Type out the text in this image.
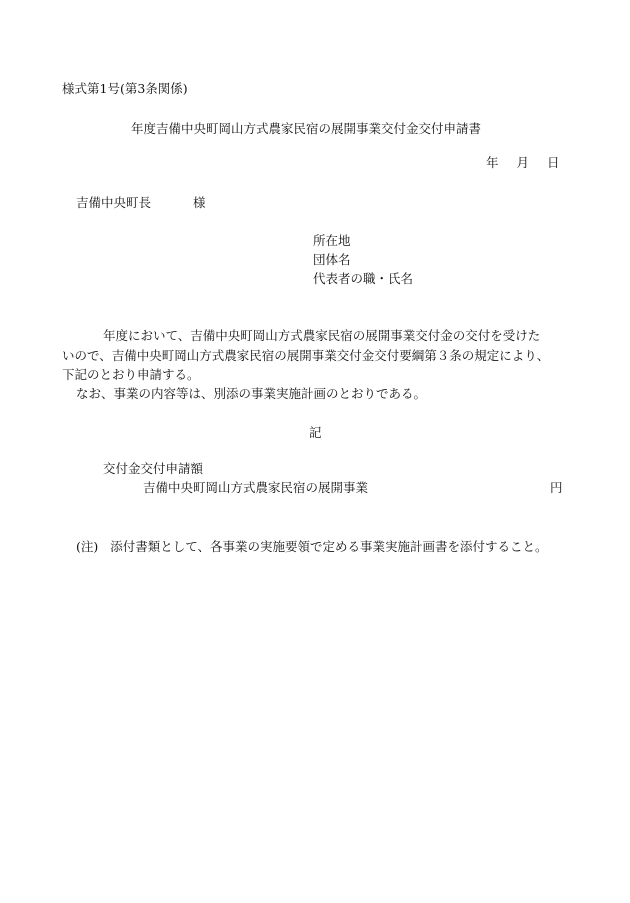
様式第1号(第3条関係)
年度吉備中央町岡山方式農家民宿の展開事業交付金交付申請書
年 月 日
吉備中央町長	様
所在地
団体名
代表者の職・氏名
年度において、吉備中央町岡山方式農家民宿の展開事業交付金の交付を受けた
いので、吉備中央町岡山方式農家民宿の展開事業交付金交付要綱第３条の規定により、
下記のとおり申請する。
なお、事業の内容等は、別添の事業実施計画のとおりである。
記
交付金交付申請額
吉備中央町岡山方式農家民宿の展開事業	円
(注) 添付書類として、各事業の実施要領で定める事業実施計画書を添付すること。
